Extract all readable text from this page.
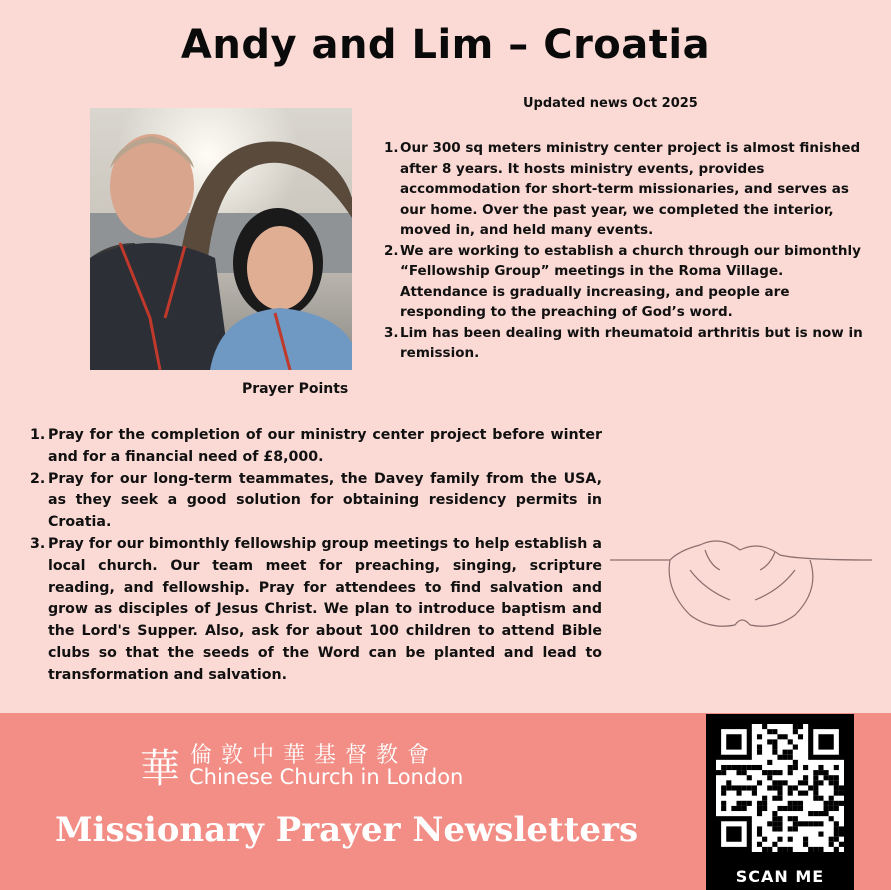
Andy and Lim – Croatia
Updated news Oct 2025
Prayer Points
1. Our 300 sq meters ministry center project is almost finished after 8 years. It hosts ministry events, provides accommodation for short-term missionaries, and serves as our home. Over the past year, we completed the interior, moved in, and held many events.
2. We are working to establish a church through our bimonthly “Fellowship Group” meetings in the Roma Village. Attendance is gradually increasing, and people are responding to the preaching of God’s word.
3. Lim has been dealing with rheumatoid arthritis but is now in remission.
1. Pray for the completion of our ministry center project before winter and for a financial need of £8,000.
2. Pray for our long-term teammates, the Davey family from the USA, as they seek a good solution for obtaining residency permits in Croatia.
3. Pray for our bimonthly fellowship group meetings to help establish a local church. Our team meet for preaching, singing, scripture reading, and fellowship. Pray for attendees to find salvation and grow as disciples of Jesus Christ. We plan to introduce baptism and the Lord's Supper. Also, ask for about 100 children to attend Bible clubs so that the seeds of the Word can be planted and lead to transformation and salvation.
華 倫敦中華基督教會
Chinese Church in London
Missionary Prayer Newsletters
SCAN ME
